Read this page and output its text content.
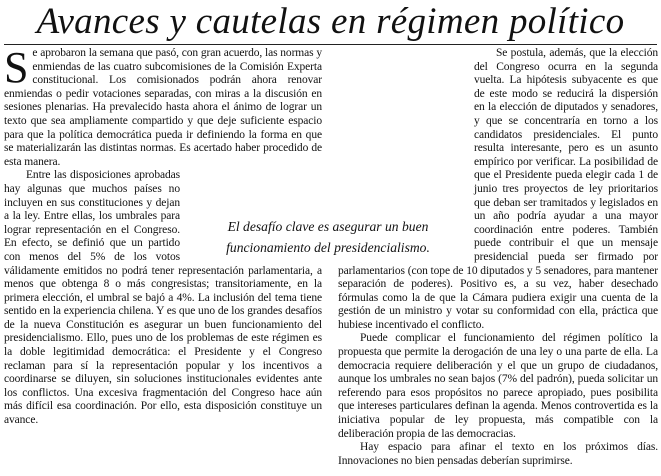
Avances y cautelas en régimen político

Se aprobaron la semana que pasó, con gran acuerdo, las normas y enmiendas de las cuatro subcomisiones de la Comisión Experta constitucional. Los comisionados podrán ahora renovar enmiendas o pedir votaciones separadas, con miras a la discusión en sesiones plenarias. Ha prevalecido hasta ahora el ánimo de lograr un texto que sea ampliamente compartido y que deje suficiente espacio para que la política democrática pueda ir definiendo la forma en que se materializarán las distintas normas. Es acertado haber procedido de esta manera.

Entre las disposiciones aprobadas hay algunas que muchos países no incluyen en sus constituciones y dejan a la ley. Entre ellas, los umbrales para lograr representación en el Congreso. En efecto, se definió que un partido con menos del 5% de los votos válidamente emitidos no podrá tener representación parlamentaria, a menos que obtenga 8 o más congresistas; transitoriamente, en la primera elección, el umbral se bajó a 4%. La inclusión del tema tiene sentido en la experiencia chilena. Y es que uno de los grandes desafíos de la nueva Constitución es asegurar un buen funcionamiento del presidencialismo. Ello, pues uno de los problemas de este régimen es la doble legitimidad democrática: el Presidente y el Congreso reclaman para sí la representación popular y los incentivos a coordinarse se diluyen, sin soluciones institucionales evidentes ante los conflictos. Una excesiva fragmentación del Congreso hace aún más difícil esa coordinación. Por ello, esta disposición constituye un avance.

Se postula, además, que la elección del Congreso ocurra en la segunda vuelta. La hipótesis subyacente es que de este modo se reducirá la dispersión en la elección de diputados y senadores, y que se concentraría en torno a los candidatos presidenciales. El punto resulta interesante, pero es un asunto empírico por verificar. La posibilidad de que el Presidente pueda elegir cada 1 de junio tres proyectos de ley prioritarios que deban ser tramitados y legislados en un año podría ayudar a una mayor coordinación entre poderes. También puede contribuir el que un mensaje presidencial pueda ser firmado por parlamentarios (con tope de 10 diputados y 5 senadores, para mantener separación de poderes). Positivo es, a su vez, haber desechado fórmulas como la de que la Cámara pudiera exigir una cuenta de la gestión de un ministro y votar su conformidad con ella, práctica que hubiese incentivado el conflicto.

Puede complicar el funcionamiento del régimen político la propuesta que permite la derogación de una ley o una parte de ella. La democracia requiere deliberación y el que un grupo de ciudadanos, aunque los umbrales no sean bajos (7% del padrón), pueda solicitar un referendo para esos propósitos no parece apropiado, pues posibilita que intereses particulares definan la agenda. Menos controvertida es la iniciativa popular de ley propuesta, más compatible con la deliberación propia de las democracias.

Hay espacio para afinar el texto en los próximos días. Innovaciones no bien pensadas deberían suprimirse.

El desafío clave es asegurar un buen
funcionamiento del presidencialismo.
